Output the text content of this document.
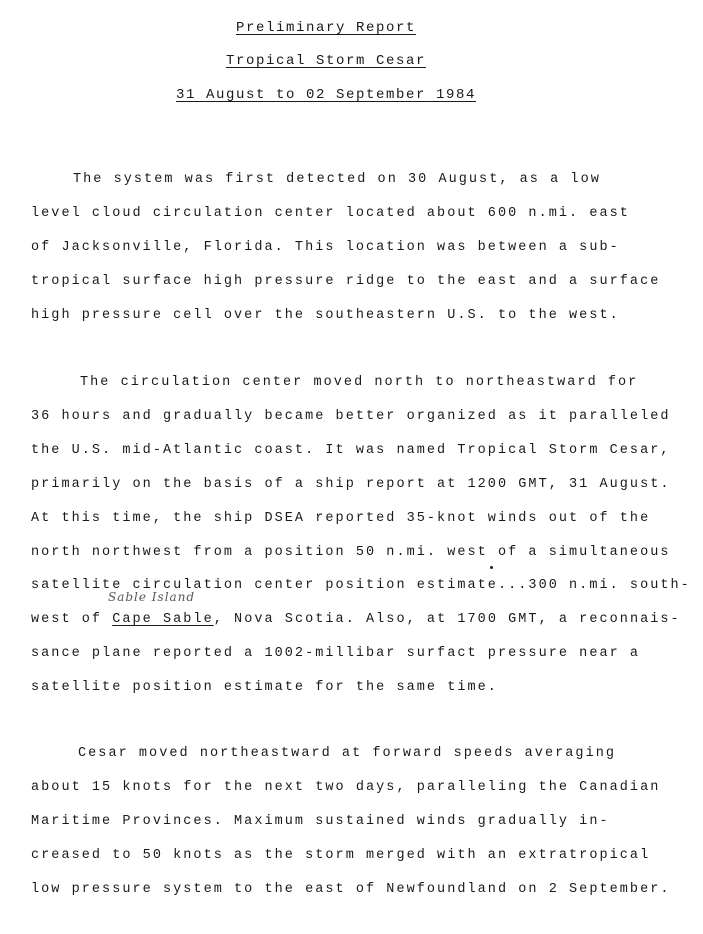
Preliminary Report
Tropical Storm Cesar
31 August to 02 September 1984
The system was first detected on 30 August, as a low
level cloud circulation center located about 600 n.mi. east
of Jacksonville, Florida. This location was between a sub-
tropical surface high pressure ridge to the east and a surface
high pressure cell over the southeastern U.S. to the west.
The circulation center moved north to northeastward for
36 hours and gradually became better organized as it paralleled
the U.S. mid-Atlantic coast. It was named Tropical Storm Cesar,
primarily on the basis of a ship report at 1200 GMT, 31 August.
At this time, the ship DSEA reported 35-knot winds out of the
north northwest from a position 50 n.mi. west of a simultaneous
satellite circulation center position estimate...300 n.mi. south-
Sable Island
west of Cape Sable, Nova Scotia. Also, at 1700 GMT, a reconnais-
sance plane reported a 1002-millibar surfact pressure near a
satellite position estimate for the same time.
Cesar moved northeastward at forward speeds averaging
about 15 knots for the next two days, paralleling the Canadian
Maritime Provinces. Maximum sustained winds gradually in-
creased to 50 knots as the storm merged with an extratropical
low pressure system to the east of Newfoundland on 2 September.
